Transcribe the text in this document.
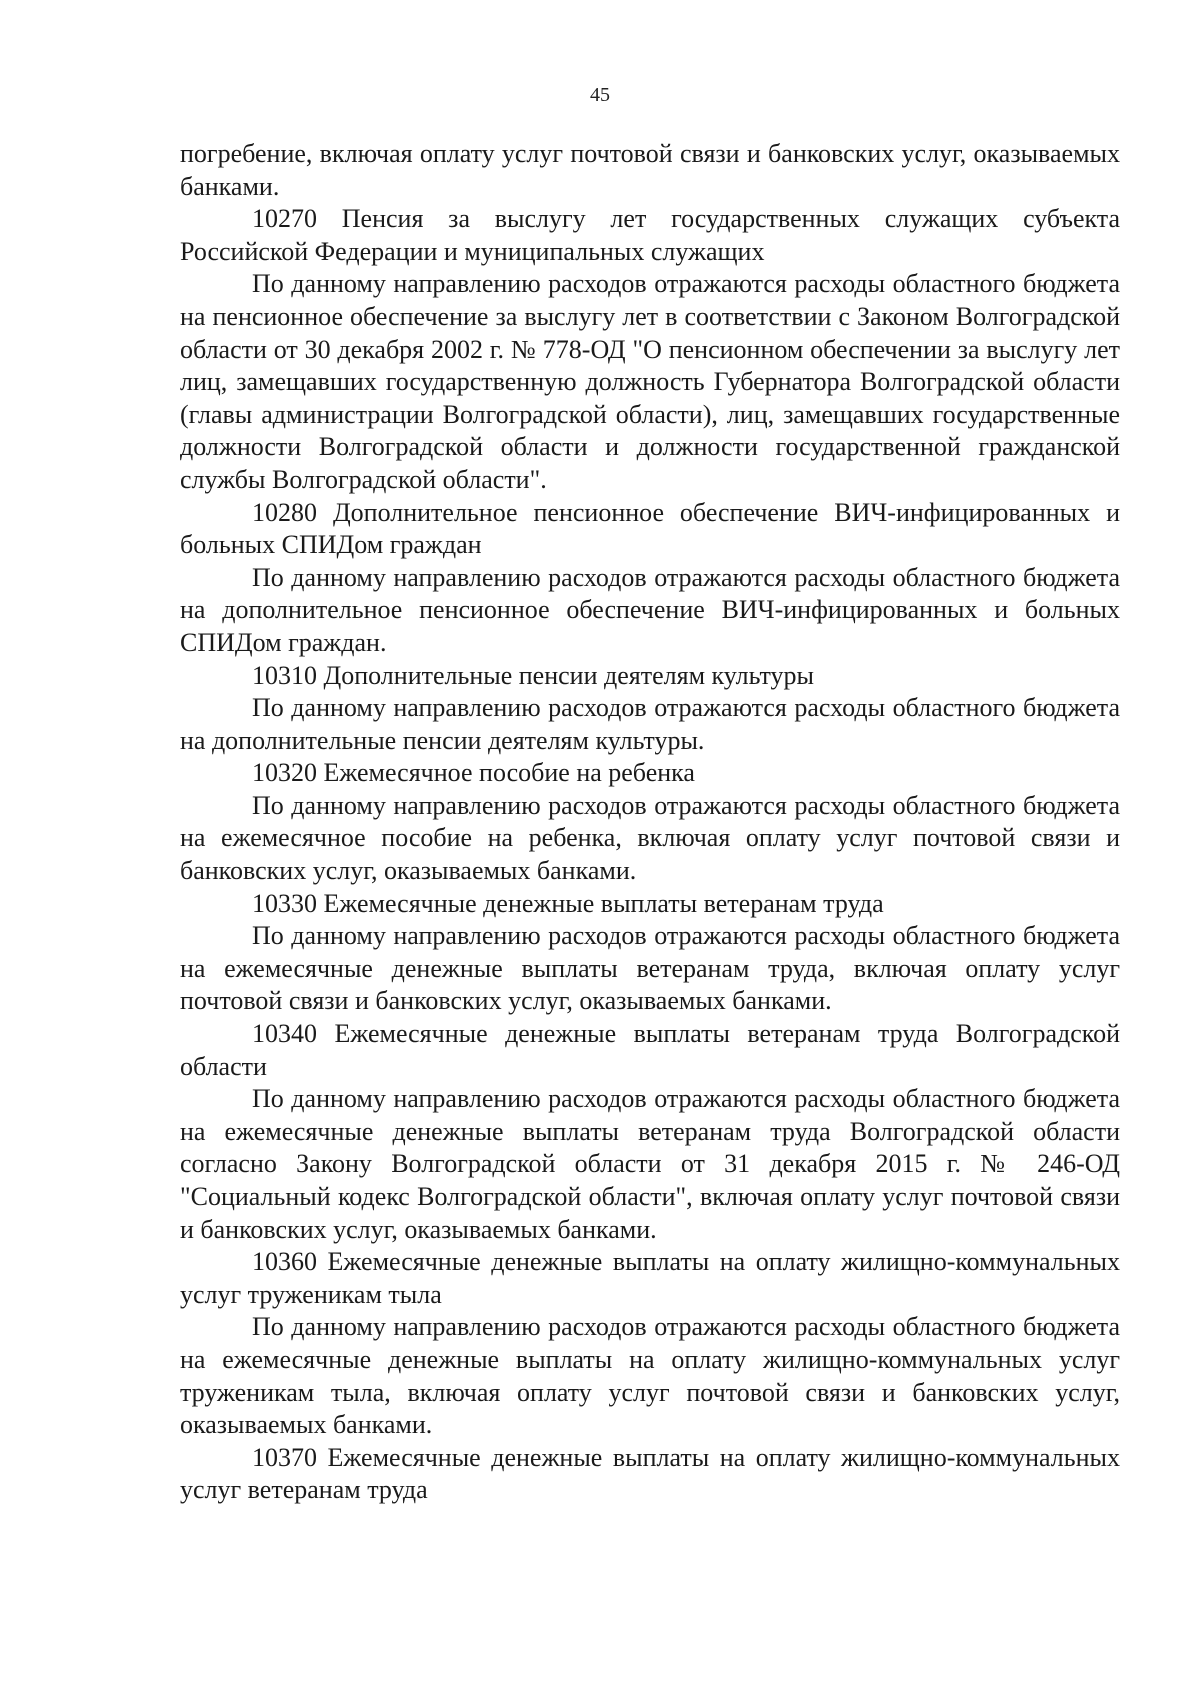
45

погребение, включая оплату услуг почтовой связи и банковских услуг, оказываемых банками.

10270 Пенсия за выслугу лет государственных служащих субъекта Российской Федерации и муниципальных служащих

По данному направлению расходов отражаются расходы областного бюджета на пенсионное обеспечение за выслугу лет в соответствии с Законом Волгоградской области от 30 декабря 2002 г. № 778-ОД "О пенсионном обеспечении за выслугу лет лиц, замещавших государственную должность Губернатора Волгоградской области (главы администрации Волгоградской области), лиц, замещавших государственные должности Волгоградской области и должности государственной гражданской службы Волгоградской области".

10280 Дополнительное пенсионное обеспечение ВИЧ-инфицированных и больных СПИДом граждан

По данному направлению расходов отражаются расходы областного бюджета на дополнительное пенсионное обеспечение ВИЧ-инфицированных и больных СПИДом граждан.

10310 Дополнительные пенсии деятелям культуры

По данному направлению расходов отражаются расходы областного бюджета на дополнительные пенсии деятелям культуры.

10320 Ежемесячное пособие на ребенка

По данному направлению расходов отражаются расходы областного бюджета на ежемесячное пособие на ребенка, включая оплату услуг почтовой связи и банковских услуг, оказываемых банками.

10330 Ежемесячные денежные выплаты ветеранам труда

По данному направлению расходов отражаются расходы областного бюджета на ежемесячные денежные выплаты ветеранам труда, включая оплату услуг почтовой связи и банковских услуг, оказываемых банками.

10340 Ежемесячные денежные выплаты ветеранам труда Волгоградской области

По данному направлению расходов отражаются расходы областного бюджета на ежемесячные денежные выплаты ветеранам труда Волгоградской области согласно Закону Волгоградской области от 31 декабря 2015 г. № 246-ОД "Социальный кодекс Волгоградской области", включая оплату услуг почтовой связи и банковских услуг, оказываемых банками.

10360 Ежемесячные денежные выплаты на оплату жилищно-коммунальных услуг труженикам тыла

По данному направлению расходов отражаются расходы областного бюджета на ежемесячные денежные выплаты на оплату жилищно-коммунальных услуг труженикам тыла, включая оплату услуг почтовой связи и банковских услуг, оказываемых банками.

10370 Ежемесячные денежные выплаты на оплату жилищно-коммунальных услуг ветеранам труда
